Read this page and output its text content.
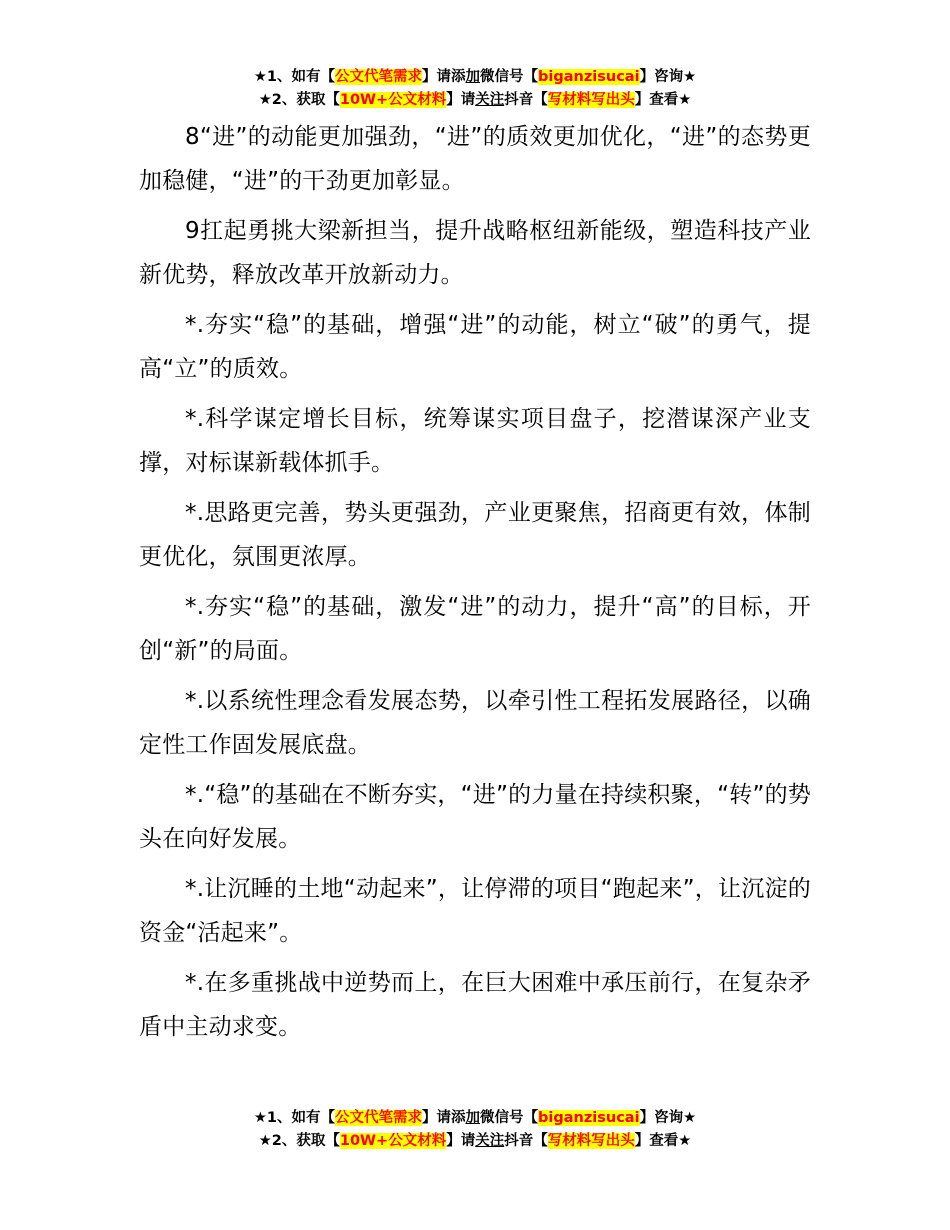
★1、如有【公文代笔需求】请添加微信号【biganzisucai】咨询★
★2、获取【10W+公文材料】请关注抖音【写材料写出头】查看★

8“进”的动能更加强劲，“进”的质效更加优化，“进”的态势更加稳健，“进”的干劲更加彰显。

9扛起勇挑大梁新担当，提升战略枢纽新能级，塑造科技产业新优势，释放改革开放新动力。

*.夯实“稳”的基础，增强“进”的动能，树立“破”的勇气，提高“立”的质效。

*.科学谋定增长目标，统筹谋实项目盘子，挖潜谋深产业支撑，对标谋新载体抓手。

*.思路更完善，势头更强劲，产业更聚焦，招商更有效，体制更优化，氛围更浓厚。

*.夯实“稳”的基础，激发“进”的动力，提升“高”的目标，开创“新”的局面。

*.以系统性理念看发展态势，以牵引性工程拓发展路径，以确定性工作固发展底盘。

*.“稳”的基础在不断夯实，“进”的力量在持续积聚，“转”的势头在向好发展。

*.让沉睡的土地“动起来”，让停滞的项目“跑起来”，让沉淀的资金“活起来”。

*.在多重挑战中逆势而上，在巨大困难中承压前行，在复杂矛盾中主动求变。

★1、如有【公文代笔需求】请添加微信号【biganzisucai】咨询★
★2、获取【10W+公文材料】请关注抖音【写材料写出头】查看★
